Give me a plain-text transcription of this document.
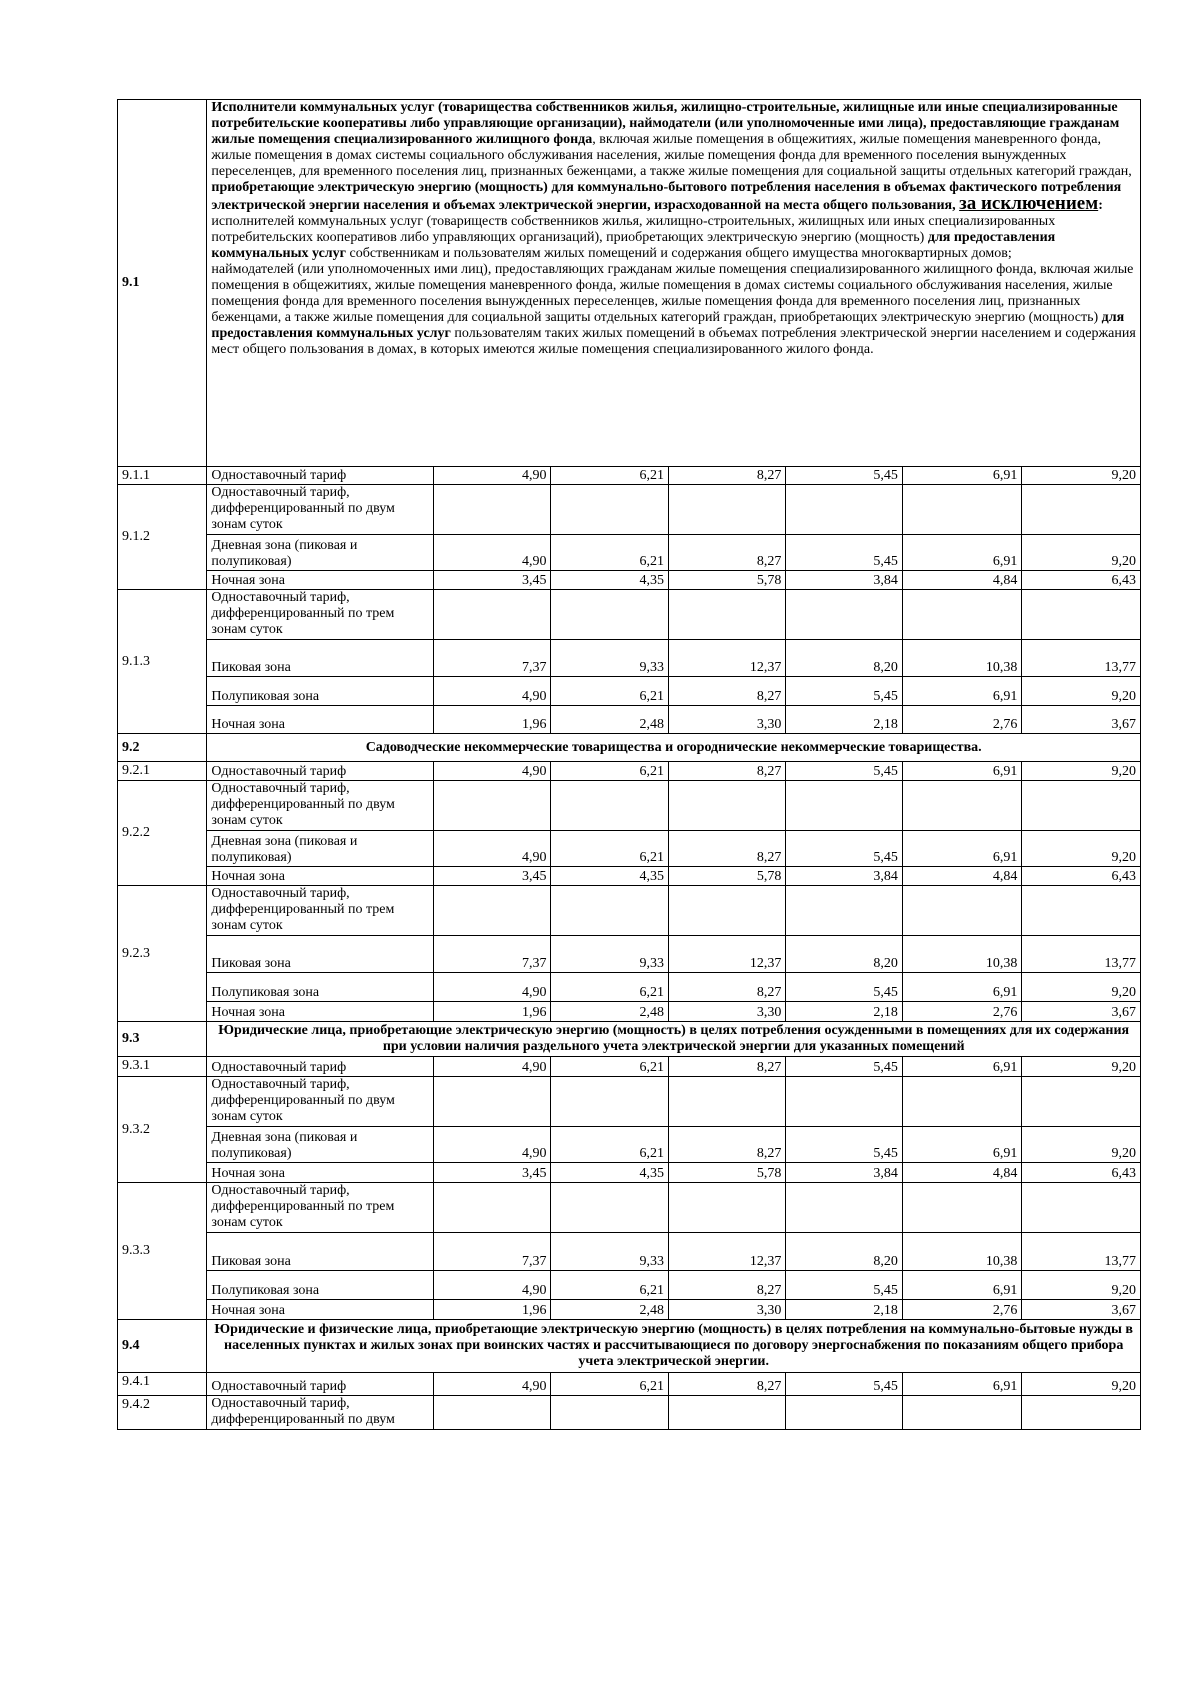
9.1	Исполнители коммунальных услуг (товарищества собственников жилья, жилищно-строительные, жилищные или иные специализированные потребительские кооперативы либо управляющие организации), наймодатели (или уполномоченные ими лица), предоставляющие гражданам жилые помещения специализированного жилищного фонда, включая жилые помещения в общежитиях, жилые помещения маневренного фонда, жилые помещения в домах системы социального обслуживания населения, жилые помещения фонда для временного поселения вынужденных переселенцев, для временного поселения лиц, признанных беженцами, а также жилые помещения для социальной защиты отдельных категорий граждан, приобретающие электрическую энергию (мощность) для коммунально-бытового потребления населения в объемах фактического потребления электрической энергии населения и объемах электрической энергии, израсходованной на места общего пользования, за исключением:
исполнителей коммунальных услуг (товариществ собственников жилья, жилищно-строительных, жилищных или иных специализированных потребительских кооперативов либо управляющих организаций), приобретающих электрическую энергию (мощность) для предоставления коммунальных услуг собственникам и пользователям жилых помещений и содержания общего имущества многоквартирных домов;
наймодателей (или уполномоченных ими лиц), предоставляющих гражданам жилые помещения специализированного жилищного фонда, включая жилые помещения в общежитиях, жилые помещения маневренного фонда, жилые помещения в домах системы социального обслуживания населения, жилые помещения фонда для временного поселения вынужденных переселенцев, жилые помещения фонда для временного поселения лиц, признанных беженцами, а также жилые помещения для социальной защиты отдельных категорий граждан, приобретающих электрическую энергию (мощность) для предоставления коммунальных услуг пользователям таких жилых помещений в объемах потребления электрической энергии населением и содержания мест общего пользования в домах, в которых имеются жилые помещения специализированного жилого фонда.						
9.1.1	Одноставочный тариф	4,90	6,21	8,27	5,45	6,91	9,20
9.1.2	Одноставочный тариф, дифференцированный по двум зонам суток						
	Дневная зона (пиковая и полупиковая)	4,90	6,21	8,27	5,45	6,91	9,20
	Ночная зона	3,45	4,35	5,78	3,84	4,84	6,43
9.1.3	Одноставочный тариф, дифференцированный по трем зонам суток						
	Пиковая зона	7,37	9,33	12,37	8,20	10,38	13,77
	Полупиковая зона	4,90	6,21	8,27	5,45	6,91	9,20
	Ночная зона	1,96	2,48	3,30	2,18	2,76	3,67
9.2	Садоводческие некоммерческие товарищества и огороднические некоммерческие товарищества.						
9.2.1	Одноставочный тариф	4,90	6,21	8,27	5,45	6,91	9,20
9.2.2	Одноставочный тариф, дифференцированный по двум зонам суток						
	Дневная зона (пиковая и полупиковая)	4,90	6,21	8,27	5,45	6,91	9,20
	Ночная зона	3,45	4,35	5,78	3,84	4,84	6,43
9.2.3	Одноставочный тариф, дифференцированный по трем зонам суток						
	Пиковая зона	7,37	9,33	12,37	8,20	10,38	13,77
	Полупиковая зона	4,90	6,21	8,27	5,45	6,91	9,20
	Ночная зона	1,96	2,48	3,30	2,18	2,76	3,67
9.3	Юридические лица, приобретающие электрическую энергию (мощность) в целях потребления осужденными в помещениях для их содержания при условии наличия раздельного учета электрической энергии для указанных помещений						
9.3.1	Одноставочный тариф	4,90	6,21	8,27	5,45	6,91	9,20
9.3.2	Одноставочный тариф, дифференцированный по двум зонам суток						
	Дневная зона (пиковая и полупиковая)	4,90	6,21	8,27	5,45	6,91	9,20
	Ночная зона	3,45	4,35	5,78	3,84	4,84	6,43
9.3.3	Одноставочный тариф, дифференцированный по трем зонам суток						
	Пиковая зона	7,37	9,33	12,37	8,20	10,38	13,77
	Полупиковая зона	4,90	6,21	8,27	5,45	6,91	9,20
	Ночная зона	1,96	2,48	3,30	2,18	2,76	3,67
9.4	Юридические и физические лица, приобретающие электрическую энергию (мощность) в целях потребления на коммунально-бытовые нужды в населенных пунктах и жилых зонах при воинских частях и рассчитывающиеся по договору энергоснабжения по показаниям общего прибора учета электрической энергии.						
9.4.1	Одноставочный тариф	4,90	6,21	8,27	5,45	6,91	9,20
9.4.2	Одноставочный тариф, дифференцированный по двум						
